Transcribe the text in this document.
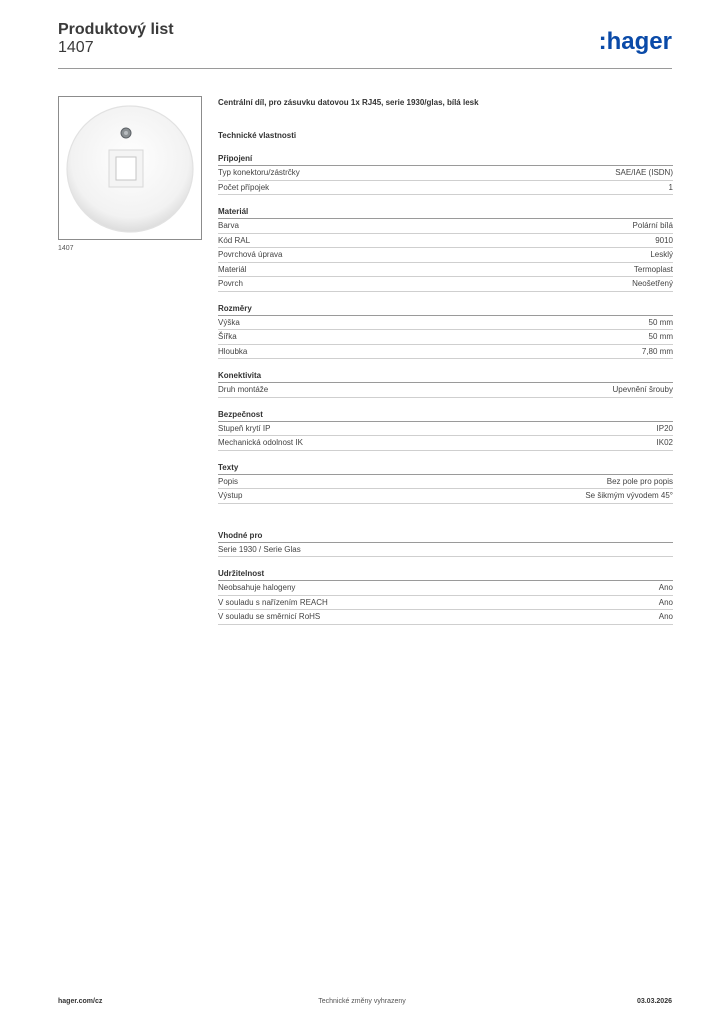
Produktový list
1407	:hager
1407
Centrální díl, pro zásuvku datovou 1x RJ45, serie 1930/glas, bílá lesk
Technické vlastnosti
Připojení
Typ konektoru/zástrčky	SAE/IAE (ISDN)
Počet přípojek	1
Materiál
Barva	Polární bílá
Kód RAL	9010
Povrchová úprava	Lesklý
Materiál	Termoplast
Povrch	Neošetřený
Rozměry
Výška	50 mm
Šířka	50 mm
Hloubka	7,80 mm
Konektivita
Druh montáže	Upevnění šrouby
Bezpečnost
Stupeň krytí IP	IP20
Mechanická odolnost IK	IK02
Texty
Popis	Bez pole pro popis
Výstup	Se šikmým vývodem 45°
Vhodné pro
Serie 1930 / Serie Glas
Udržitelnost
Neobsahuje halogeny	Ano
V souladu s nařízením REACH	Ano
V souladu se směrnicí RoHS	Ano
hager.com/cz	Technické změny vyhrazeny	03.03.2026
